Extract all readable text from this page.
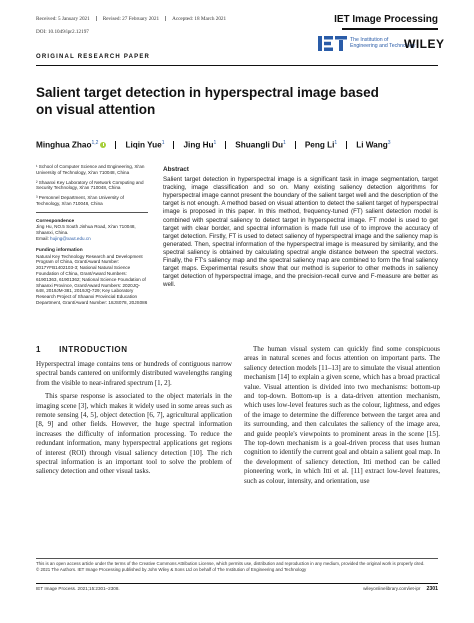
Received: 5 January 2021	Revised: 27 February 2021	Accepted: 18 March 2021
DOI: 10.1049/ipr2.12197
IET Image Processing
The Institution of
Engineering and Technology
WILEY
ORIGINAL RESEARCH PAPER
Salient target detection in hyperspectral image based
on visual attention
Minghua Zhao$^{1,2}$	Liqin Yue$^1$ Jing Hu$^1$ Shuangli Du$^1$ Peng Li$^1$ Li Wang$^3$
¹ School of Computer Science and Engineering, Xi'an University of Technology, Xi'an 710048, China
² Shaanxi Key Laboratory of Network Computing and Security Technology, Xi'an 710048, China
³ Personnel Department, Xi'an University of Technology, Xi'an 710048, China
Correspondence
Jing Hu, NO.5 South Jinhua Road, Xi'an 710048, Shaanxi, China.
Email: hujing@xaut.edu.cn
Funding information
Natural Key Technology Research and Development Program of China, Grant/Award Number: 2017YFB1402103-3; National Natural Science Foundation of China, Grant/Award Numbers: 61901363, 61901362; National Science Foundation of Shaanxi Province, Grant/Award Numbers: 2020JQ-648, 2019JM-381, 2019JQ-729; Key Laboratory Research Project of Shaanxi Provincial Education Department, Grant/Award Number: 18JS078, 20JS086
Abstract
Salient target detection in hyperspectral image is a significant task in image segmentation, target tracking, image classification and so on. Many existing saliency detection algorithms for hyperspectral image cannot present the boundary of the salient target well and the description of the target is not enough. A method based on visual attention to detect the salient target of hyperspectral image is proposed in this paper. In this method, frequency-tuned (FT) salient detection model is combined with spectral saliency to detect target in hyperspectral image. FT model is used to get target with clear border, and spectral information is made full use of to improve the accuracy of target detection. Firstly, FT is used to detect saliency of hyperspectral image and the saliency map is generated. Then, spectral information of the hyperspectral image is measured by similarity, and the spectral saliency is obtained by calculating spectral angle distance between the spectral vectors. Finally, the FT's saliency map and the spectral saliency map are combined to form the final saliency target maps. Experimental results show that our method is superior to other methods in saliency target detection of hyperspectral image, and the precision-recall curve and F-measure are better as well.
1 INTRODUCTION

Hyperspectral image contains tens or hundreds of contiguous narrow spectral bands cantered on uniformly distributed wavelengths ranging from the visible to near-infrared spectrum [1, 2].

This sparse response is associated to the object materials in the imaging scene [3], which makes it widely used in some areas such as remote sensing [4, 5], object detection [6, 7], agricultural application [8, 9] and other fields. However, the huge spectral information increases the difficulty of information processing. To reduce the redundant information, many hyperspectral applications get regions of interest (ROI) through visual saliency detection [10]. The rich spectral information is an important tool to solve the problem of saliency detection and other visual tasks.

The human visual system can quickly find some conspicuous areas in natural scenes and focus attention on important parts. The saliency detection models [11–13] are to simulate the visual attention mechanism [14] to explain a given scene, which has a broad practical value. Visual attention is divided into two mechanisms: bottom-up and top-down. Bottom-up is a data-driven attention mechanism, which uses low-level features such as the colour, lightness, and edges of the image to determine the difference between the target area and its surrounding, and then calculates the saliency of the image area, and guide people's viewpoints to prominent areas in the scene [15]. The top-down mechanism is a goal-driven process that uses human cognition to identify the current goal and obtain a salient goal map. In the development of saliency detection, Itti method can be called pioneering work, in which Itti et al. [11] extract low-level features, such as colour, intensity, and orientation, use

This is an open access article under the terms of the Creative Commons Attribution License, which permits use, distribution and reproduction in any medium, provided the original work is properly cited.
© 2021 The Authors. IET Image Processing published by John Wiley & Sons Ltd on behalf of The Institution of Engineering and Technology
IET Image Process. 2021;15:2301–2308.	wileyonlinelibrary.com/iet-ipr 2301
